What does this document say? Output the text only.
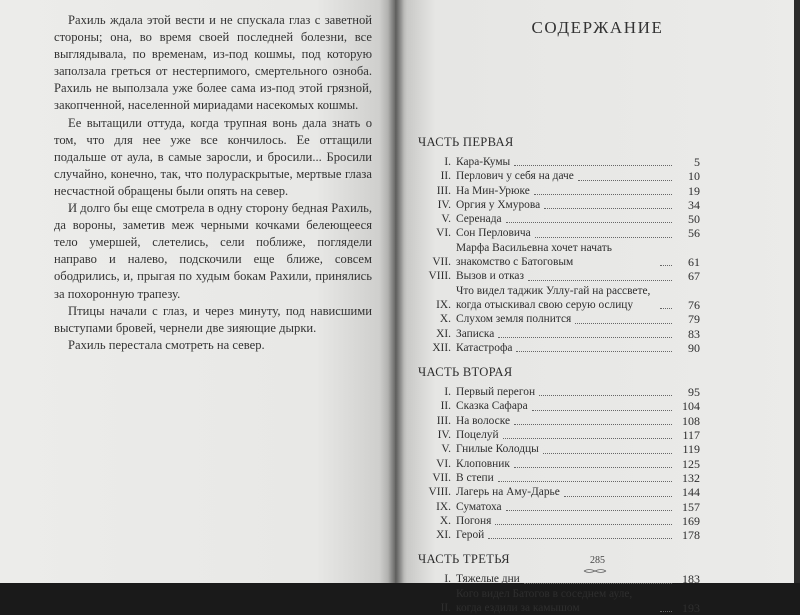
Рахиль ждала этой вести и не спускала глаз с заветной стороны; она, во время своей последней болезни, все выглядывала, по временам, из-под кошмы, под которую заползала греться от нестерпимого, смертельного озноба. Рахиль не выползала уже более сама из-под этой грязной, закопченной, населенной мириадами насекомых кошмы.

Ее вытащили оттуда, когда трупная вонь дала знать о том, что для нее уже все кончилось. Ее оттащили подальше от аула, в самые заросли, и бросили... Бросили случайно, конечно, так, что полураскрытые, мертвые глаза несчастной обращены были опять на север.

И долго бы еще смотрела в одну сторону бедная Рахиль, да вороны, заметив меж черными кочками белеющееся тело умершей, слетелись, сели поближе, поглядели направо и налево, подскочили еще ближе, совсем ободрились, и, прыгая по худым бокам Рахили, принялись за похоронную трапезу.

Птицы начали с глаз, и через минуту, под нависшими выступами бровей, чернели две зияющие дырки.

Рахиль перестала смотреть на север.

СОДЕРЖАНИЕ
ЧАСТЬ ПЕРВАЯ
I. Кара-Кумы	5
II. Перлович у себя на даче	10
III. На Мин-Урюке	19
IV. Оргия у Хмурова	34
V. Серенада	50
VI. Сон Перловича	56
VII.
Марфа Васильевна хочет начать знакомство с Батоговым	61
VIII. Вызов и отказ	67
IX.
Что видел таджик Уллу-гай на рассвете, когда отыскивал свою серую ослицу	76
X. Слухом земля полнится	79
XI. Записка	83
XII. Катастрофа	90
ЧАСТЬ ВТОРАЯ
I. Первый перегон	95
II. Сказка Сафара	104
III. На волоске	108
IV. Поцелуй	117
V. Гнилые Колодцы	119
VI. Клоповник	125
VII. В степи	132
VIII. Лагерь на Аму-Дарье	144
IX. Суматоха	157
X. Погоня	169
XI. Герой	178
ЧАСТЬ ТРЕТЬЯ
I. Тяжелые дни	183
II.
Кого видел Батогов в соседнем ауле, когда ездили за камышом	193
285
